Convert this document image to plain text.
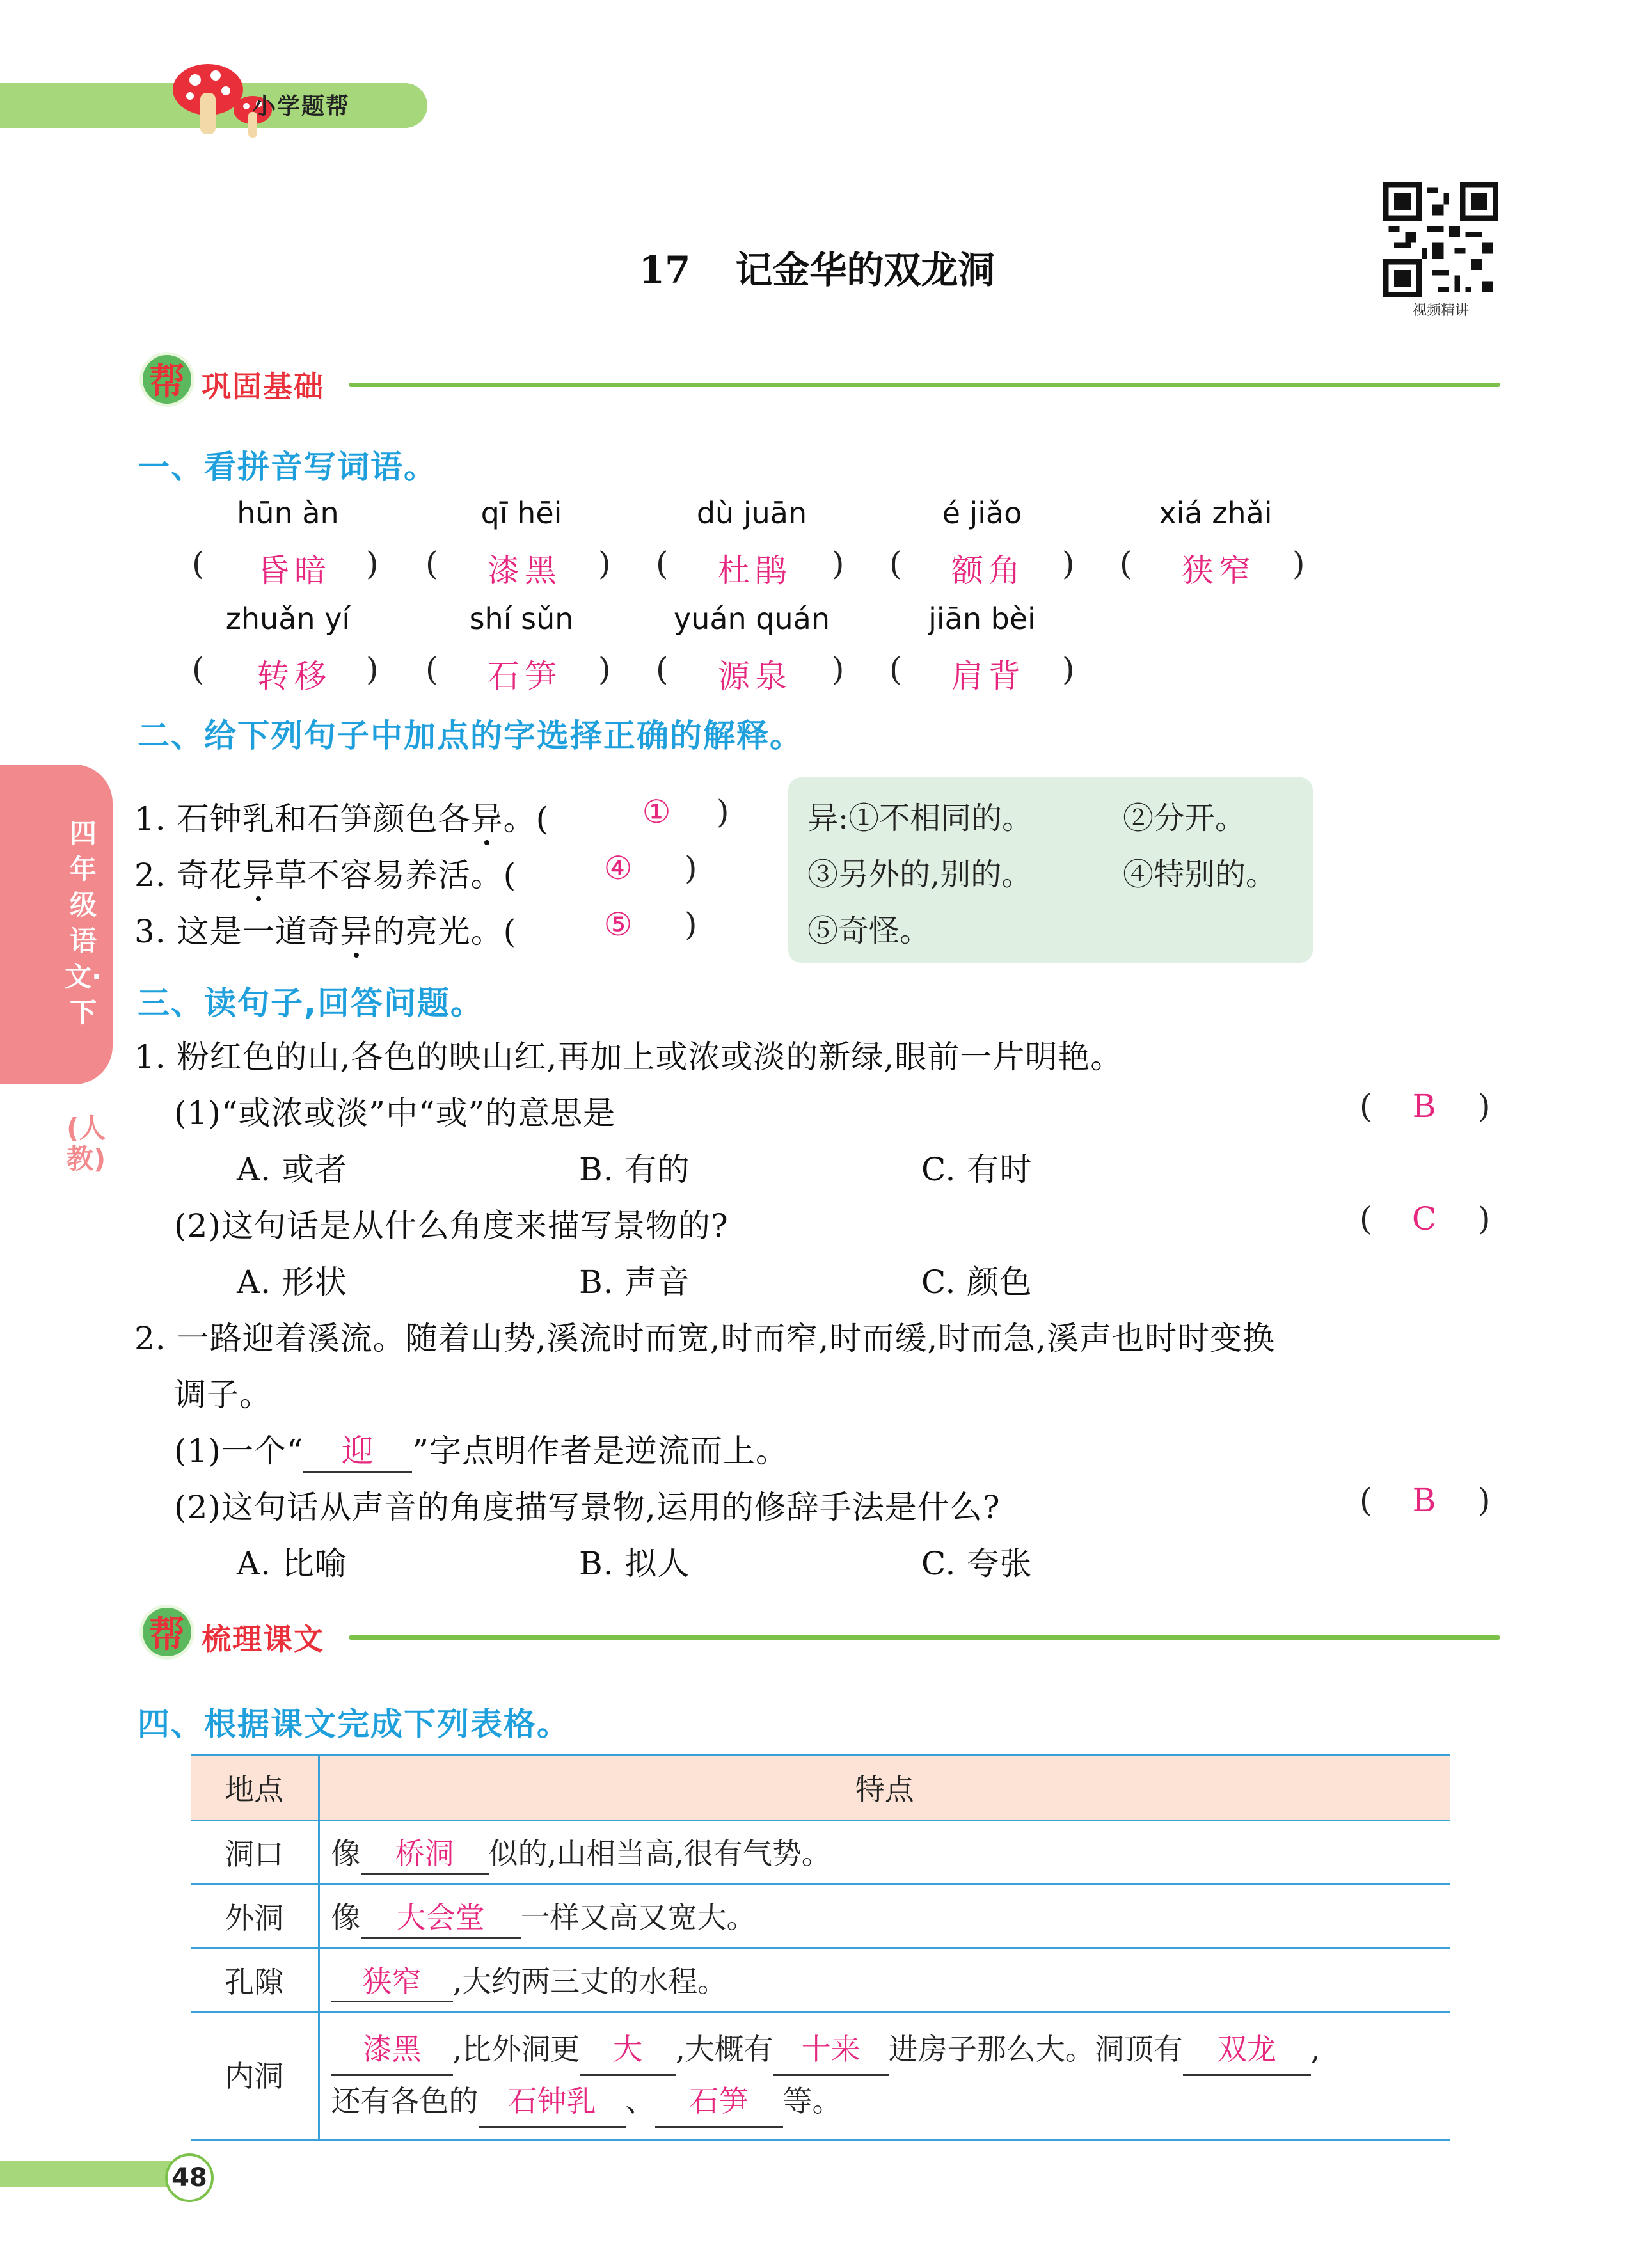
小学题帮
17 记金华的双龙洞
视频精讲
帮 巩固基础
一、看拼音写词语。
hūn àn	qī hēi	dù juān	é jiǎo	xiá zhǎi
(	昏暗	) (	漆黑	) (	杜鹃	) (	额角	) (	狭窄	)
zhuǎn yí	shí sǔn	yuán quán	jiān bèi
(	转移	) (	石笋	) (	源泉	) (	肩背	)
二、给下列句子中加点的字选择正确的解释。
四年级语文·下
(人教)
1. 石钟乳和石笋颜色各异。(	①	)
2. 奇花异草不容易养活。(	④	)
3. 这是一道奇异的亮光。(	⑤	)
异:①不相同的。	②分开。
③另外的,别的。	④特别的。
⑤奇怪。
三、读句子,回答问题。
1. 粉红色的山,各色的映山红,再加上或浓或淡的新绿,眼前一片明艳。
(1)“或浓或淡”中“或”的意思是	(	B	)
A. 或者	B. 有的	C. 有时
(2)这句话是从什么角度来描写景物的?	(	C	)
A. 形状	B. 声音	C. 颜色
2. 一路迎着溪流。随着山势,溪流时而宽,时而窄,时而缓,时而急,溪声也时时变换
调子。
(1)一个“ 迎 ”字点明作者是逆流而上。
(2)这句话从声音的角度描写景物,运用的修辞手法是什么?	(	B	)
A. 比喻	B. 拟人	C. 夸张
帮 梳理课文
四、根据课文完成下列表格。
地点	特点
洞口	像 桥洞 似的,山相当高,很有气势。
外洞	像 大会堂 一样又高又宽大。
孔隙	狭窄 ,大约两三丈的水程。
内洞	漆黑 ,比外洞更 大 ,大概有 十来 进房子那么大。洞顶有 双龙 ,
还有各色的 石钟乳 、 石笋 等。
48
